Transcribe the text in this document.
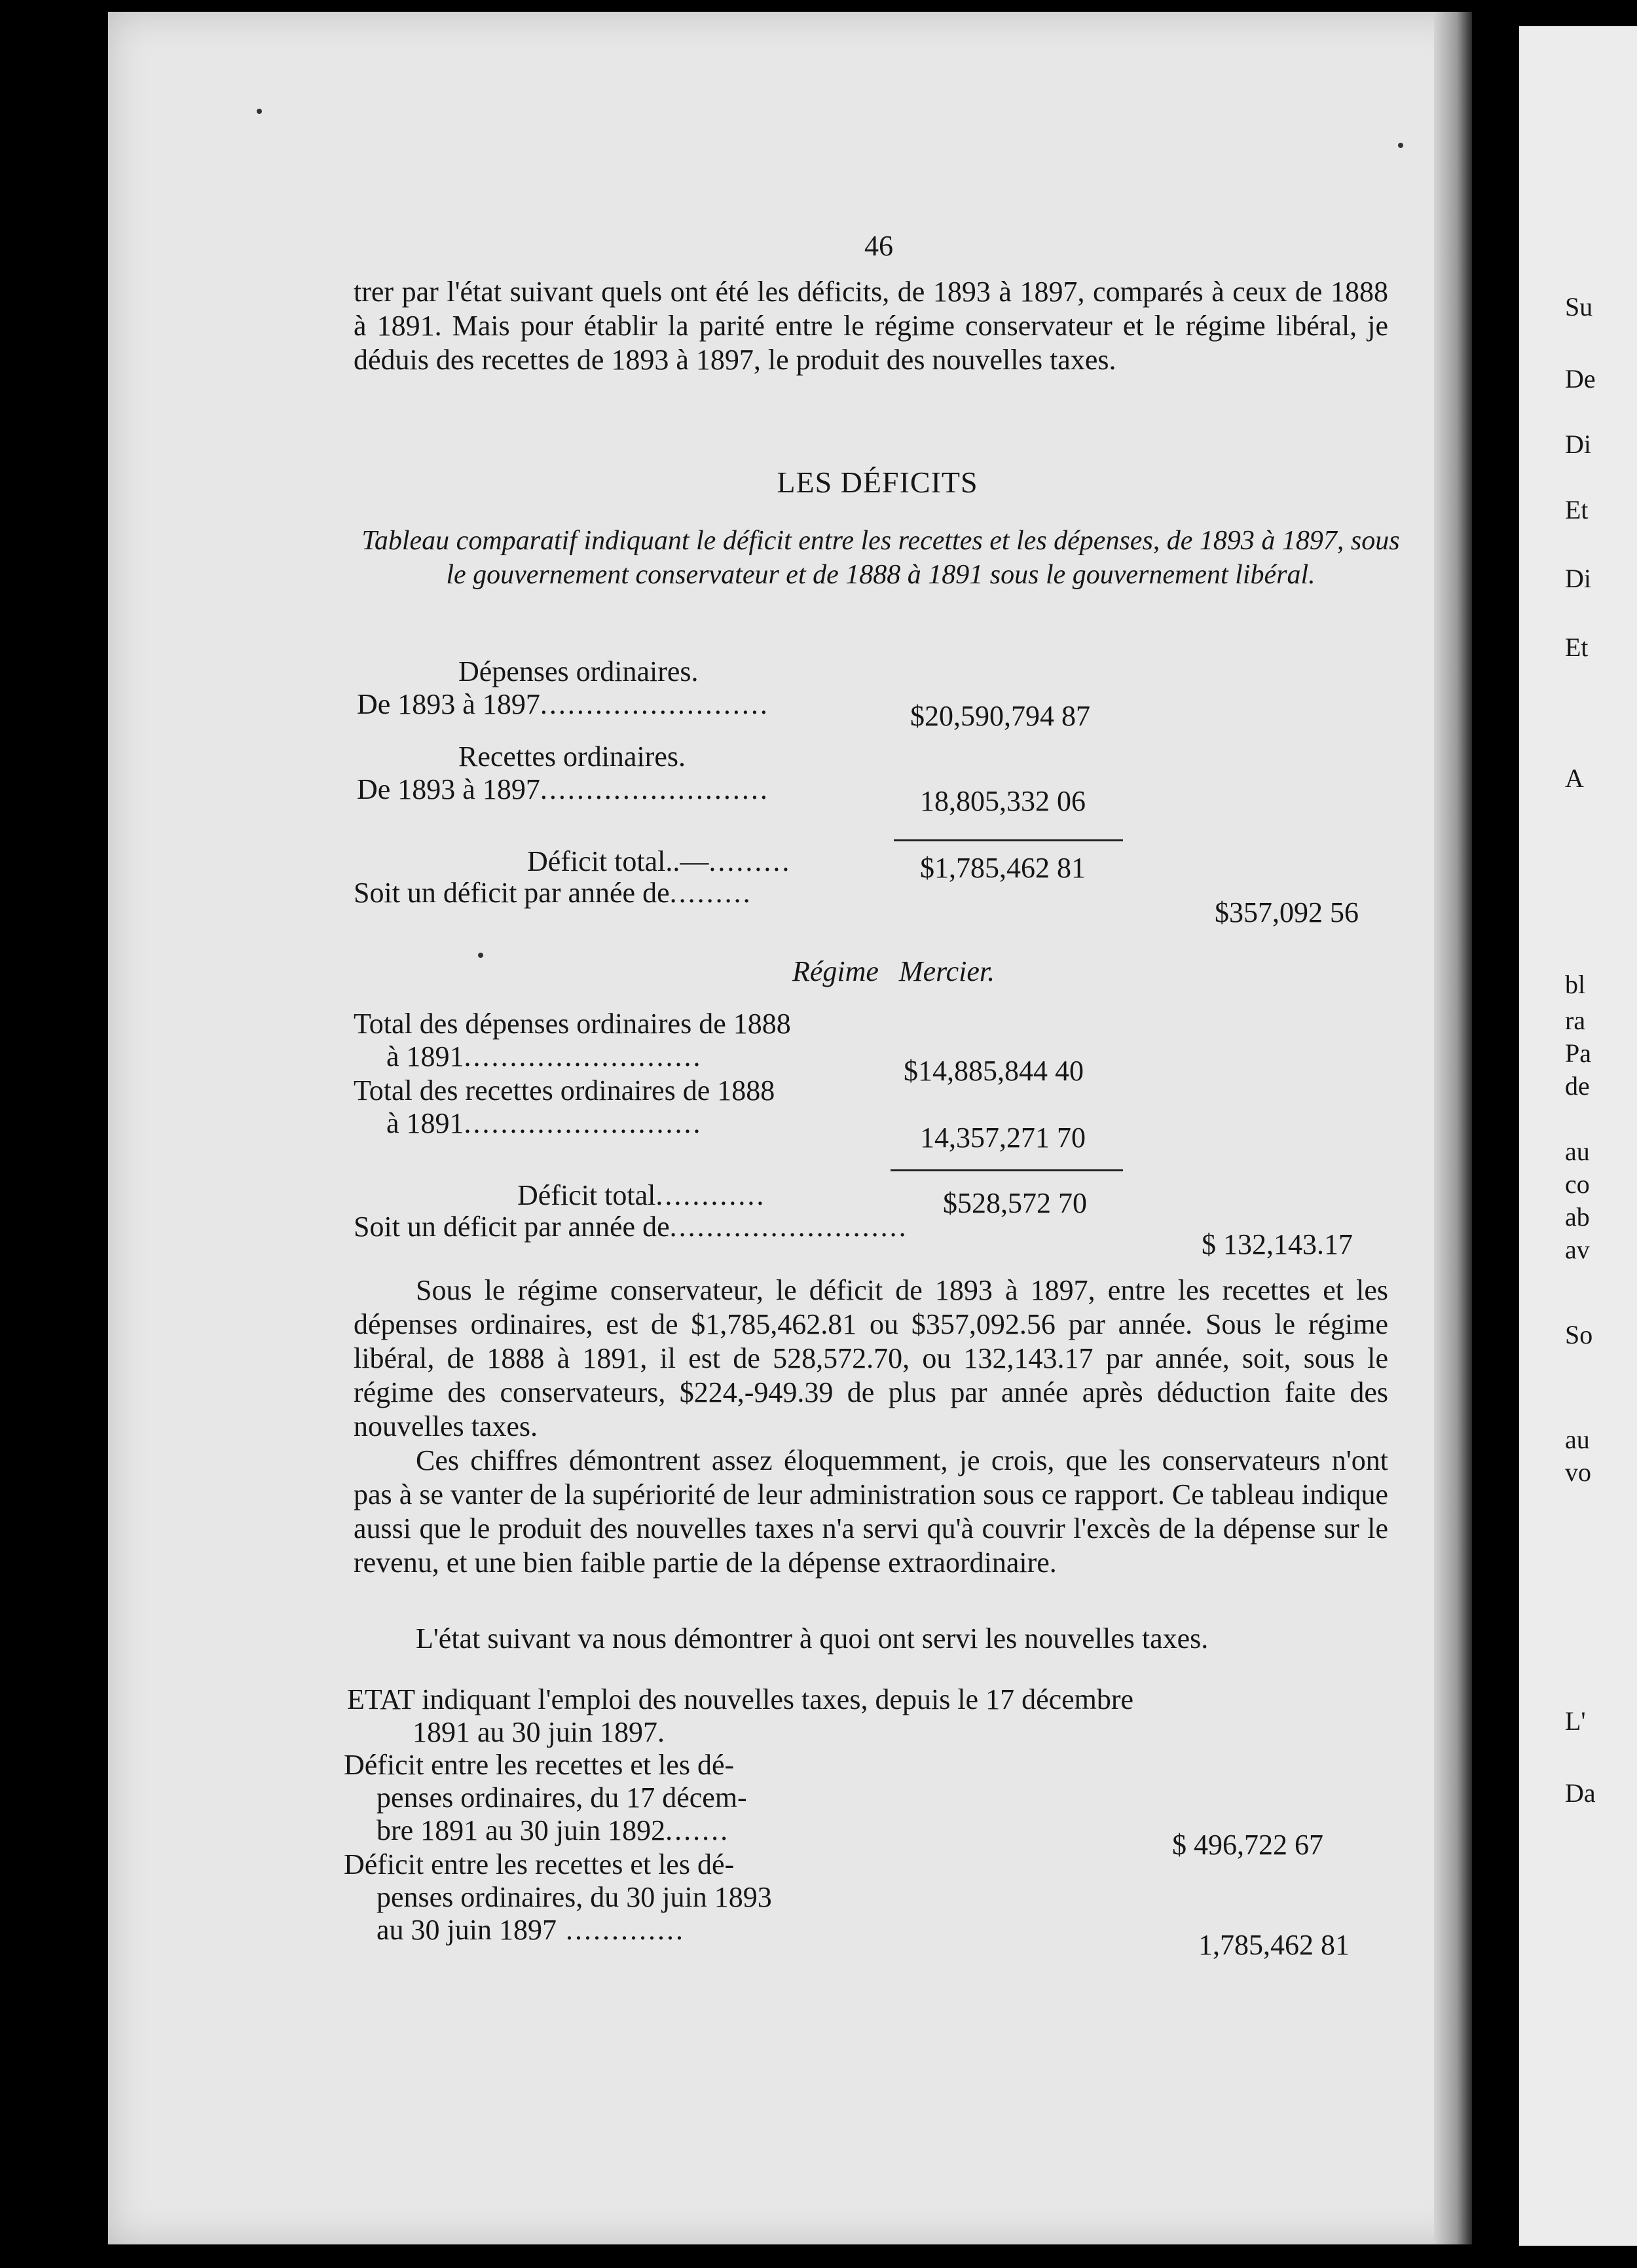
Su
De
Di
Et
Di
Et
A
bl
ra
Pa
de
au
co
ab
av
So
au
vo
L'
Da
46
trer par l'état suivant quels ont été les déficits, de 1893 à 1897, comparés à ceux de 1888 à 1891. Mais pour établir la parité entre le régime conservateur et le régime libéral, je déduis des recettes de 1893 à 1897, le produit des nouvelles taxes.
LES DÉFICITS
Tableau comparatif indiquant le déficit entre les recettes et les dépenses, de 1893 à 1897, sous le gouvernement conservateur et de 1888 à 1891 sous le gouvernement libéral.
Dépenses ordinaires.
De 1893 à 1897.........................	$20,590,794 87
Recettes ordinaires.
De 1893 à 1897.........................	18,805,332 06
Déficit total..—.........	$1,785,462 81
Soit un déficit par année de.........
$357,092 56
Régime Mercier.
Total des dépenses ordinaires de 1888
à 1891..........................	$14,885,844 40
Total des recettes ordinaires de 1888
à 1891..........................	14,357,271 70
Déficit total............	$528,572 70
Soit un déficit par année de..........................
$ 132,143.17
Sous le régime conservateur, le déficit de 1893 à 1897, entre les recettes et les dépenses ordinaires, est de $1,785,462.81 ou $357,092.56 par année. Sous le régime libéral, de 1888 à 1891, il est de 528,572.70, ou 132,143.17 par année, soit, sous le régime des conservateurs, $224,-949.39 de plus par année après déduction faite des nouvelles taxes.
Ces chiffres démontrent assez éloquemment, je crois, que les conservateurs n'ont pas à se vanter de la supériorité de leur administration sous ce rapport. Ce tableau indique aussi que le produit des nouvelles taxes n'a servi qu'à couvrir l'excès de la dépense sur le revenu, et une bien faible partie de la dépense extraordinaire.
L'état suivant va nous démontrer à quoi ont servi les nouvelles taxes.
ETAT indiquant l'emploi des nouvelles taxes, depuis le 17 décembre
1891 au 30 juin 1897.
Déficit entre les recettes et les dé-
penses ordinaires, du 17 décem-
bre 1891 au 30 juin 1892.......	$ 496,722 67
Déficit entre les recettes et les dé-
penses ordinaires, du 30 juin 1893
au 30 juin 1897 .............	1,785,462 81
